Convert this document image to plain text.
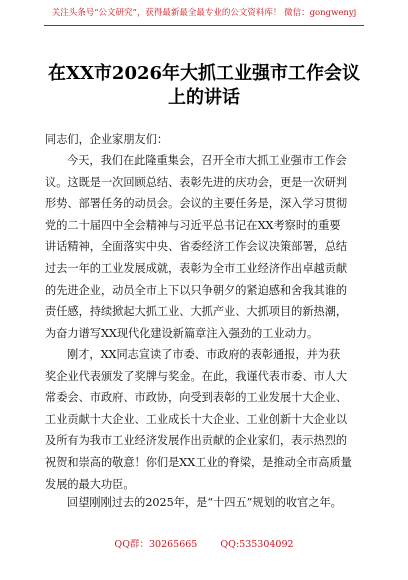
关注头条号“公文研究”，获得最新最全最专业的公文资料库！ 微信：gongwenyj
在XX市2026年大抓工业强市工作会议
上的讲话
同志们，企业家朋友们：
今天，我们在此隆重集会，召开全市大抓工业强市工作会
议。这既是一次回顾总结、表彰先进的庆功会，更是一次研判
形势、部署任务的动员会。会议的主要任务是，深入学习贯彻
党的二十届四中全会精神与习近平总书记在XX考察时的重要
讲话精神，全面落实中央、省委经济工作会议决策部署，总结
过去一年的工业发展成就，表彰为全市工业经济作出卓越贡献
的先进企业，动员全市上下以只争朝夕的紧迫感和舍我其谁的
责任感，持续掀起大抓工业、大抓产业、大抓项目的新热潮，
为奋力谱写XX现代化建设新篇章注入强劲的工业动力。
刚才，XX同志宣读了市委、市政府的表彰通报，并为获
奖企业代表颁发了奖牌与奖金。在此，我谨代表市委、市人大
常委会、市政府、市政协，向受到表彰的工业发展十大企业、
工业贡献十大企业、工业成长十大企业、工业创新十大企业以
及所有为我市工业经济发展作出贡献的企业家们，表示热烈的
祝贺和崇高的敬意！你们是XX工业的脊梁，是推动全市高质量
发展的最大功臣。
回望刚刚过去的2025年，是“十四五”规划的收官之年。
QQ群：30265665 QQ:535304092
